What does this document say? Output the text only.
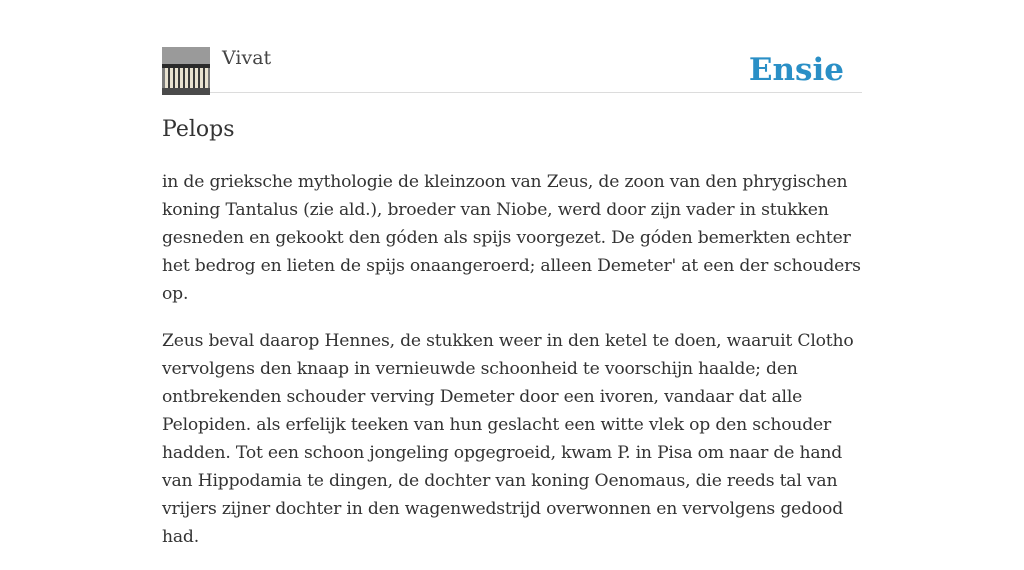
Vivat	Ensie
Pelops

in de grieksche mythologie de kleinzoon van Zeus, de zoon van den phrygischen koning Tantalus (zie ald.), broeder van Niobe, werd door zijn vader in stukken gesneden en gekookt den góden als spijs voorgezet. De góden bemerkten echter het bedrog en lieten de spijs onaangeroerd; alleen Demeter' at een der schouders op.

Zeus beval daarop Hennes, de stukken weer in den ketel te doen, waaruit Clotho vervolgens den knaap in vernieuwde schoonheid te voorschijn haalde; den ontbrekenden schouder verving Demeter door een ivoren, vandaar dat alle Pelopiden. als erfelijk teeken van hun geslacht een witte vlek op den schouder hadden. Tot een schoon jongeling opgegroeid, kwam P. in Pisa om naar de hand van Hippodamia te dingen, de dochter van koning Oenomaus, die reeds tal van vrijers zijner dochter in den wagenwedstrijd overwonnen en vervolgens gedood had.
